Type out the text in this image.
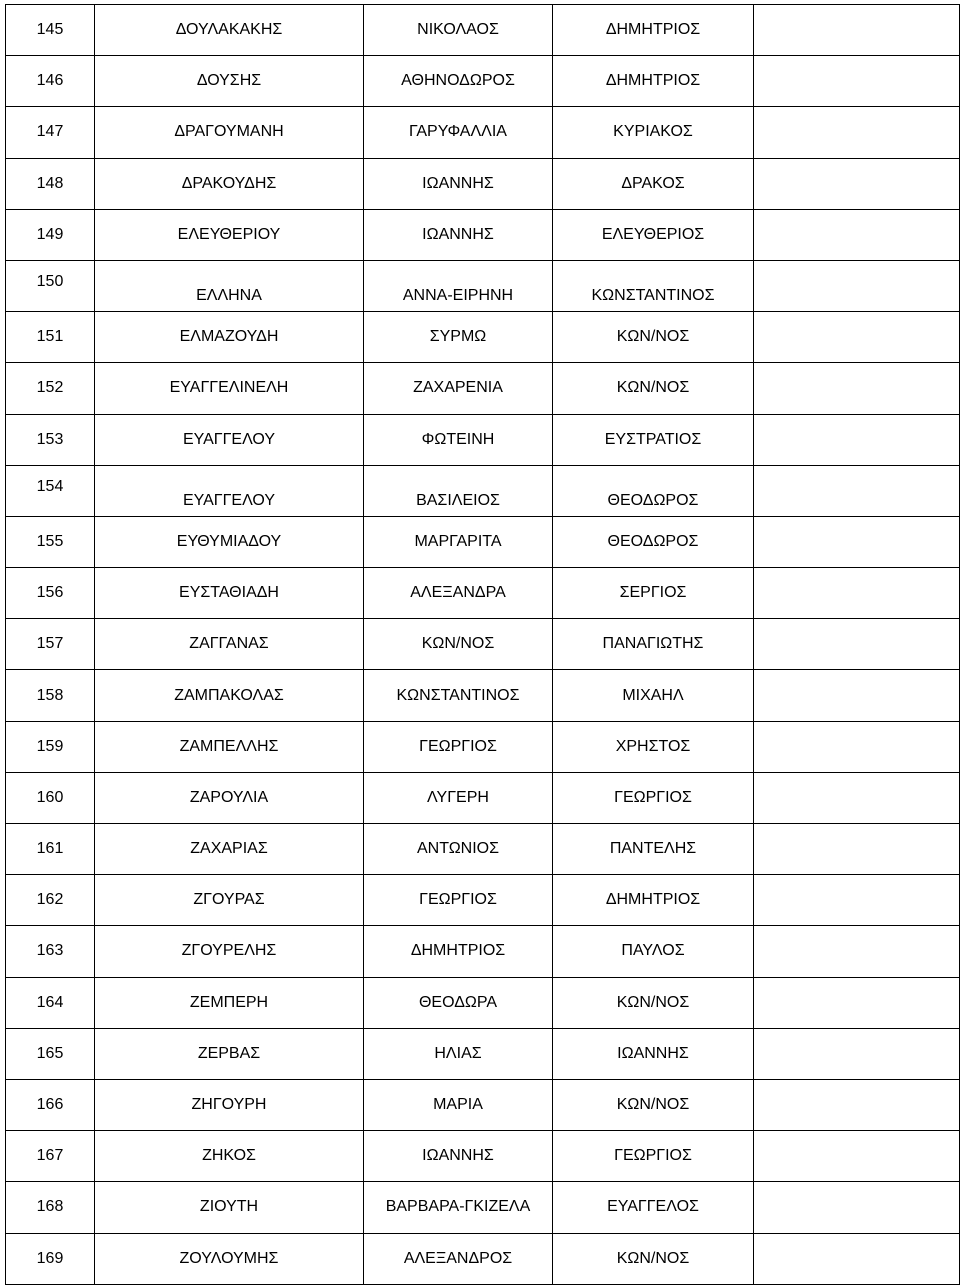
145	ΔΟΥΛΑΚΑΚΗΣ	ΝΙΚΟΛΑΟΣ	ΔΗΜΗΤΡΙΟΣ	
146	ΔΟΥΣΗΣ	ΑΘΗΝΟΔΩΡΟΣ	ΔΗΜΗΤΡΙΟΣ	
147	ΔΡΑΓΟΥΜΑΝΗ	ΓΑΡΥΦΑΛΛΙΑ	ΚΥΡΙΑΚΟΣ	
148	ΔΡΑΚΟΥΔΗΣ	ΙΩΑΝΝΗΣ	ΔΡΑΚΟΣ	
149	ΕΛΕΥΘΕΡΙΟΥ	ΙΩΑΝΝΗΣ	ΕΛΕΥΘΕΡΙΟΣ	
150	ΕΛΛΗΝΑ	ΑΝΝΑ-ΕΙΡΗΝΗ	ΚΩΝΣΤΑΝΤΙΝΟΣ	
151	ΕΛΜΑΖΟΥΔΗ	ΣΥΡΜΩ	ΚΩΝ/ΝΟΣ	
152	ΕΥΑΓΓΕΛΙΝΕΛΗ	ΖΑΧΑΡΕΝΙΑ	ΚΩΝ/ΝΟΣ	
153	ΕΥΑΓΓΕΛΟΥ	ΦΩΤΕΙΝΗ	ΕΥΣΤΡΑΤΙΟΣ	
154	ΕΥΑΓΓΕΛΟΥ	ΒΑΣΙΛΕΙΟΣ	ΘΕΟΔΩΡΟΣ	
155	ΕΥΘΥΜΙΑΔΟΥ	ΜΑΡΓΑΡΙΤΑ	ΘΕΟΔΩΡΟΣ	
156	ΕΥΣΤΑΘΙΑΔΗ	ΑΛΕΞΑΝΔΡΑ	ΣΕΡΓΙΟΣ	
157	ΖΑΓΓΑΝΑΣ	ΚΩΝ/ΝΟΣ	ΠΑΝΑΓΙΩΤΗΣ	
158	ΖΑΜΠΑΚΟΛΑΣ	ΚΩΝΣΤΑΝΤΙΝΟΣ	ΜΙΧΑΗΛ	
159	ΖΑΜΠΕΛΛΗΣ	ΓΕΩΡΓΙΟΣ	ΧΡΗΣΤΟΣ	
160	ΖΑΡΟΥΛΙΑ	ΛΥΓΕΡΗ	ΓΕΩΡΓΙΟΣ	
161	ΖΑΧΑΡΙΑΣ	ΑΝΤΩΝΙΟΣ	ΠΑΝΤΕΛΗΣ	
162	ΖΓΟΥΡΑΣ	ΓΕΩΡΓΙΟΣ	ΔΗΜΗΤΡΙΟΣ	
163	ΖΓΟΥΡΕΛΗΣ	ΔΗΜΗΤΡΙΟΣ	ΠΑΥΛΟΣ	
164	ΖΕΜΠΕΡΗ	ΘΕΟΔΩΡΑ	ΚΩΝ/ΝΟΣ	
165	ΖΕΡΒΑΣ	ΗΛΙΑΣ	ΙΩΑΝΝΗΣ	
166	ΖΗΓΟΥΡΗ	ΜΑΡΙΑ	ΚΩΝ/ΝΟΣ	
167	ΖΗΚΟΣ	ΙΩΑΝΝΗΣ	ΓΕΩΡΓΙΟΣ	
168	ΖΙΟΥΤΗ	ΒΑΡΒΑΡΑ-ΓΚΙΖΕΛΑ	ΕΥΑΓΓΕΛΟΣ	
169	ΖΟΥΛΟΥΜΗΣ	ΑΛΕΞΑΝΔΡΟΣ	ΚΩΝ/ΝΟΣ	
